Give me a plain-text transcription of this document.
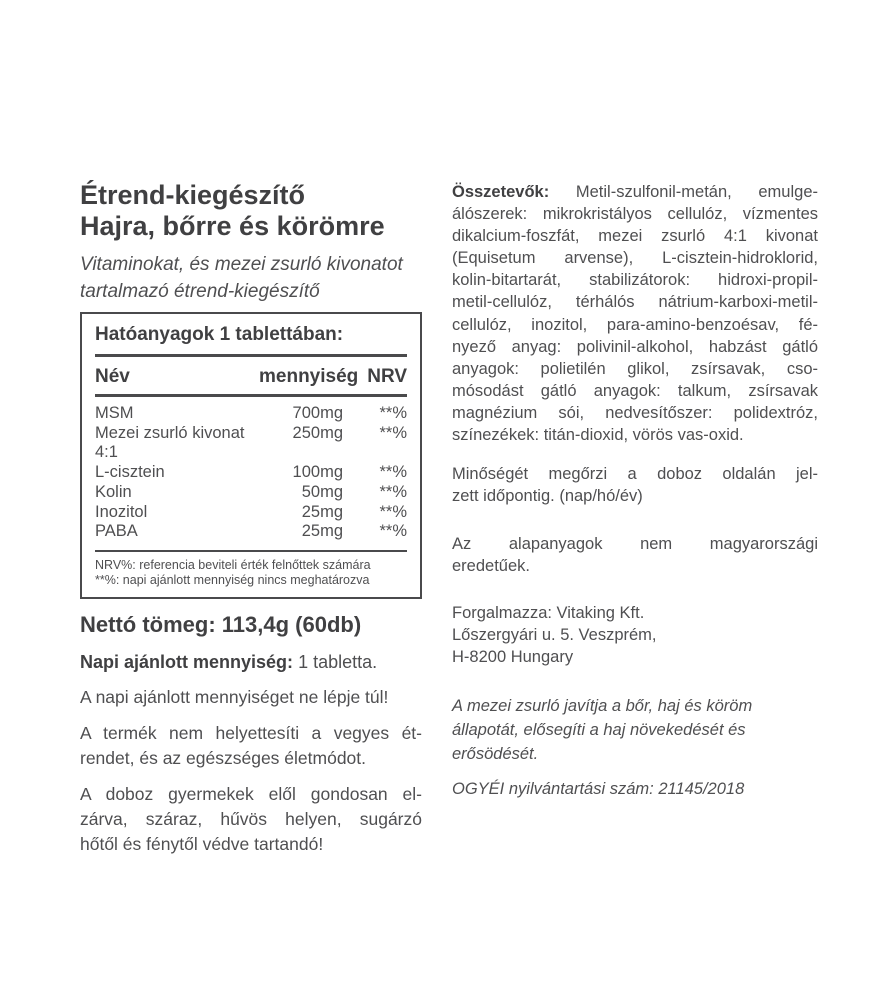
Étrend-kiegészítő
Hajra, bőrre és körömre
Vitaminokat, és mezei zsurló kivonatot
tartalmazó étrend-kiegészítő
Hatóanyagok 1 tablettában:
Név	mennyiség NRV
MSM	700mg	**%
Mezei zsurló kivonat 4:1
250mg	**%
L-cisztein	100mg	**%
Kolin	50mg	**%
Inozitol	25mg	**%
PABA	25mg	**%
NRV%: referencia beviteli érték felnőttek számára
**%: napi ajánlott mennyiség nincs meghatározva
Nettó tömeg: 113,4g (60db)
Napi ajánlott mennyiség: 1 tabletta.
A napi ajánlott mennyiséget ne lépje túl!
A termék nem helyettesíti a vegyes ét-
rendet, és az egészséges életmódot.
A doboz gyermekek elől gondosan el-
zárva, száraz, hűvös helyen, sugárzó
hőtől és fénytől védve tartandó!
Összetevők: Metil-szulfonil-metán, emulge-
álószerek: mikrokristályos cellulóz, vízmentes
dikalcium-foszfát, mezei zsurló 4:1 kivonat
(Equisetum arvense), L-cisztein-hidroklorid,
kolin-bitartarát, stabilizátorok: hidroxi-propil-
metil-cellulóz, térhálós nátrium-karboxi-metil-
cellulóz, inozitol, para-amino-benzoésav, fé-
nyező anyag: polivinil-alkohol, habzást gátló
anyagok: polietilén glikol, zsírsavak, cso-
mósodást gátló anyagok: talkum, zsírsavak
magnézium sói, nedvesítőszer: polidextróz,
színezékek: titán-dioxid, vörös vas-oxid.
Minőségét megőrzi a doboz oldalán jel-
zett időpontig. (nap/hó/év)
Az alapanyagok nem magyarországi
eredetűek.
Forgalmazza: Vitaking Kft.
Lőszergyári u. 5. Veszprém,
H-8200 Hungary
A mezei zsurló javítja a bőr, haj és köröm
állapotát, elősegíti a haj növekedését és
erősödését.
OGYÉI nyilvántartási szám: 21145/2018
